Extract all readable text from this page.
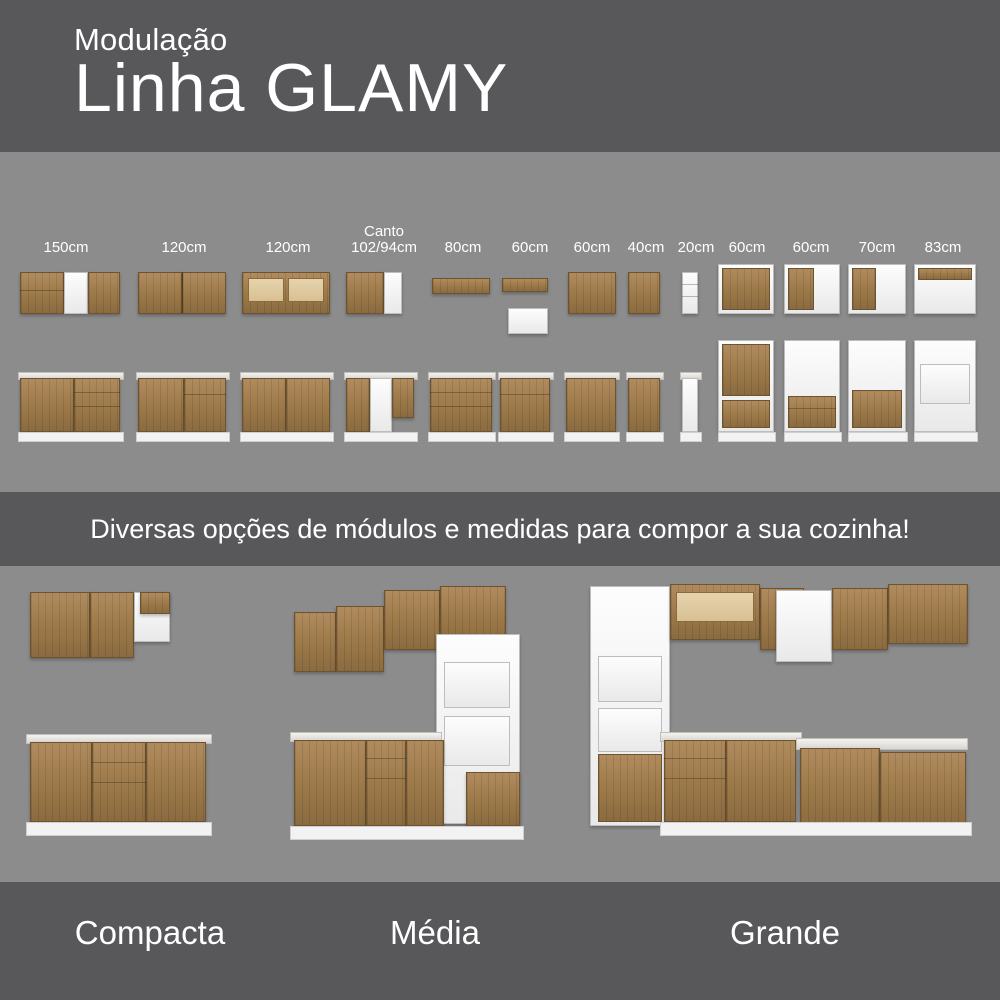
Modulação
Linha GLAMY
150cm	120cm	120cm
Canto
102/94cm	80cm	60cm	60cm	40cm 20cm 60cm	60cm	70cm	83cm
Diversas opções de módulos e medidas para compor a sua cozinha!
Compacta	Média	Grande
